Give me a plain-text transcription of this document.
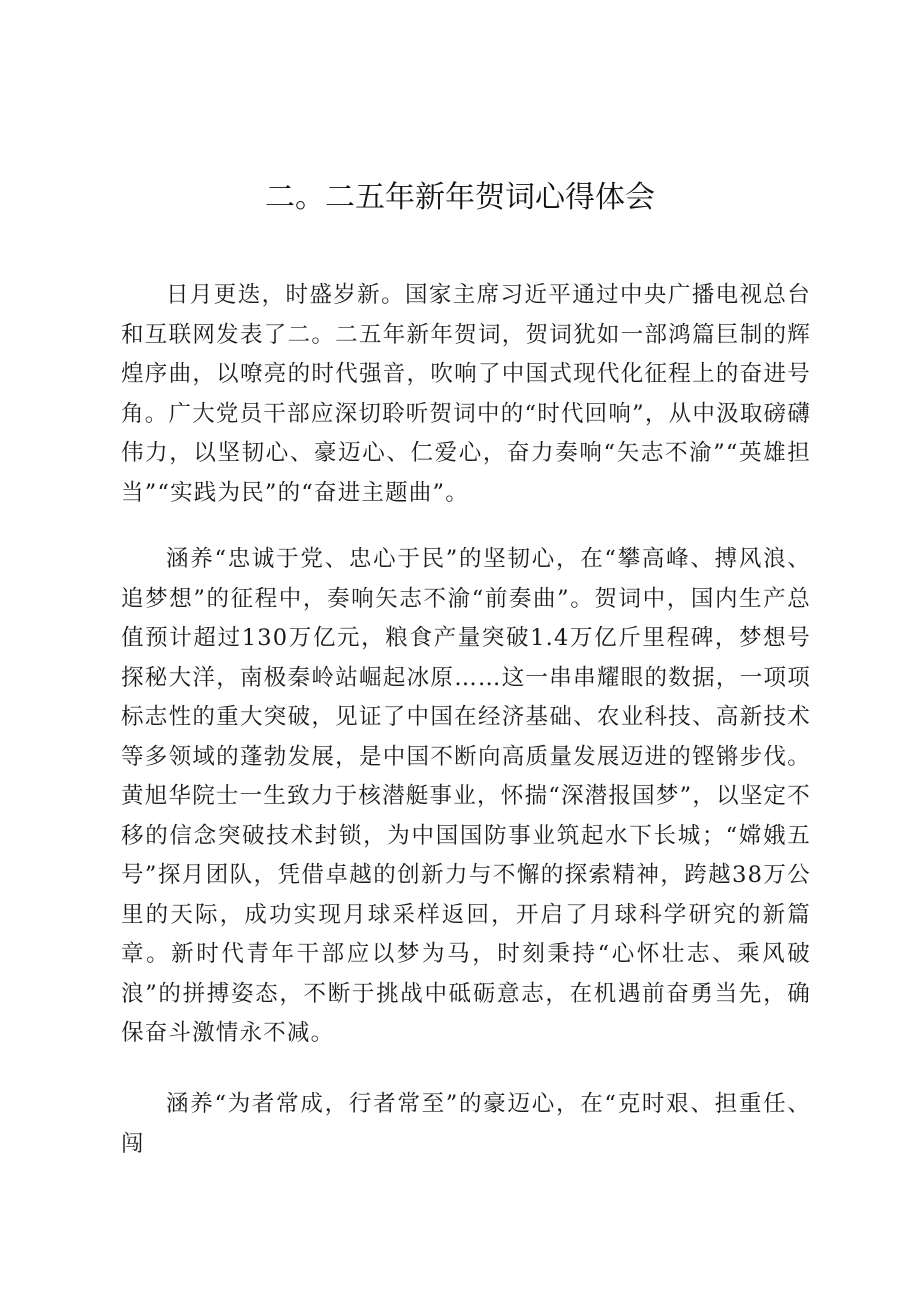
二。二五年新年贺词心得体会

日月更迭，时盛岁新。国家主席习近平通过中央广播电视总台和互联网发表了二。二五年新年贺词，贺词犹如一部鸿篇巨制的辉煌序曲，以嘹亮的时代强音，吹响了中国式现代化征程上的奋进号角。广大党员干部应深切聆听贺词中的“时代回响”，从中汲取磅礴伟力，以坚韧心、豪迈心、仁爱心，奋力奏响“矢志不渝”“英雄担当”“实践为民”的“奋进主题曲”。

涵养“忠诚于党、忠心于民”的坚韧心，在“攀高峰、搏风浪、追梦想”的征程中，奏响矢志不渝“前奏曲”。贺词中，国内生产总值预计超过130万亿元，粮食产量突破1.4万亿斤里程碑，梦想号探秘大洋，南极秦岭站崛起冰原……这一串串耀眼的数据，一项项标志性的重大突破，见证了中国在经济基础、农业科技、高新技术等多领域的蓬勃发展，是中国不断向高质量发展迈进的铿锵步伐。黄旭华院士一生致力于核潜艇事业，怀揣“深潜报国梦”，以坚定不移的信念突破技术封锁，为中国国防事业筑起水下长城；“嫦娥五号”探月团队，凭借卓越的创新力与不懈的探索精神，跨越38万公里的天际，成功实现月球采样返回，开启了月球科学研究的新篇章。新时代青年干部应以梦为马，时刻秉持“心怀壮志、乘风破浪”的拼搏姿态，不断于挑战中砥砺意志，在机遇前奋勇当先，确保奋斗激情永不减。

涵养“为者常成，行者常至”的豪迈心，在“克时艰、担重任、闯
